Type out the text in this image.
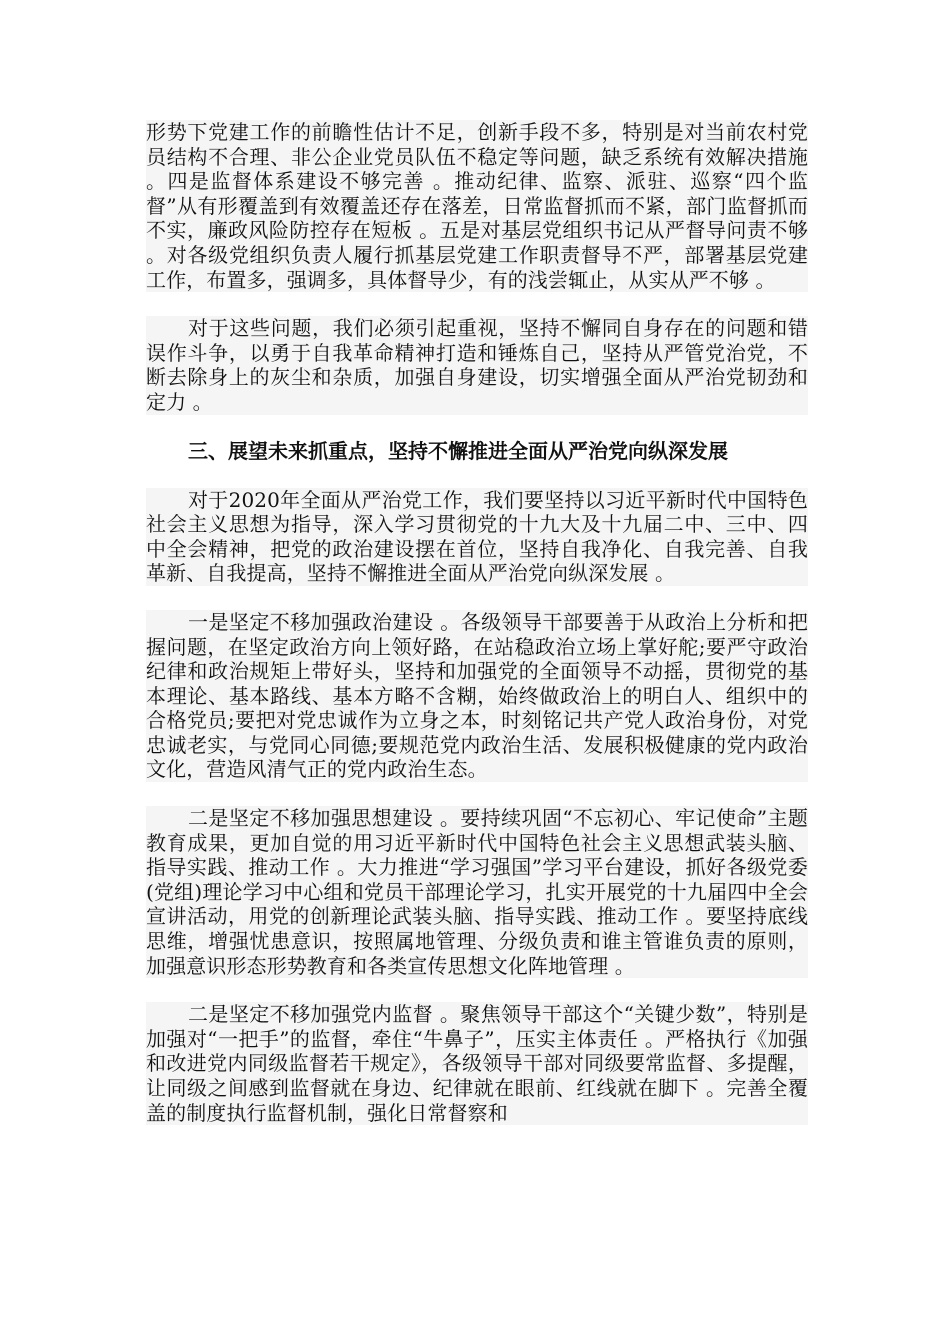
形势下党建工作的前瞻性估计不足，创新手段不多，特别是对当前农村党员结构不合理、非公企业党员队伍不稳定等问题，缺乏系统有效解决措施 。四是监督体系建设不够完善 。推动纪律、监察、派驻、巡察“四个监督”从有形覆盖到有效覆盖还存在落差，日常监督抓而不紧，部门监督抓而不实，廉政风险防控存在短板 。五是对基层党组织书记从严督导问责不够 。对各级党组织负责人履行抓基层党建工作职责督导不严，部署基层党建工作，布置多，强调多，具体督导少，有的浅尝辄止，从实从严不够 。

对于这些问题，我们必须引起重视，坚持不懈同自身存在的问题和错误作斗争，以勇于自我革命精神打造和锤炼自己，坚持从严管党治党，不断去除身上的灰尘和杂质，加强自身建设，切实增强全面从严治党韧劲和定力 。

三、展望未来抓重点，坚持不懈推进全面从严治党向纵深发展

对于2020年全面从严治党工作，我们要坚持以习近平新时代中国特色社会主义思想为指导，深入学习贯彻党的十九大及十九届二中、三中、四中全会精神，把党的政治建设摆在首位，坚持自我净化、自我完善、自我革新、自我提高，坚持不懈推进全面从严治党向纵深发展 。

一是坚定不移加强政治建设 。各级领导干部要善于从政治上分析和把握问题，在坚定政治方向上领好路，在站稳政治立场上掌好舵;要严守政治纪律和政治规矩上带好头，坚持和加强党的全面领导不动摇，贯彻党的基本理论、基本路线、基本方略不含糊，始终做政治上的明白人、组织中的合格党员;要把对党忠诚作为立身之本，时刻铭记共产党人政治身份，对党忠诚老实，与党同心同德;要规范党内政治生活、发展积极健康的党内政治文化，营造风清气正的党内政治生态。

二是坚定不移加强思想建设 。要持续巩固“不忘初心、牢记使命”主题教育成果，更加自觉的用习近平新时代中国特色社会主义思想武装头脑、指导实践、推动工作 。大力推进“学习强国”学习平台建设，抓好各级党委(党组)理论学习中心组和党员干部理论学习，扎实开展党的十九届四中全会宣讲活动，用党的创新理论武装头脑、指导实践、推动工作 。要坚持底线思维，增强忧患意识，按照属地管理、分级负责和谁主管谁负责的原则，加强意识形态形势教育和各类宣传思想文化阵地管理 。

二是坚定不移加强党内监督 。聚焦领导干部这个“关键少数”，特别是加强对“一把手”的监督，牵住“牛鼻子”，压实主体责任 。严格执行《加强和改进党内同级监督若干规定》，各级领导干部对同级要常监督、多提醒，让同级之间感到监督就在身边、纪律就在眼前、红线就在脚下 。完善全覆盖的制度执行监督机制，强化日常督察和
